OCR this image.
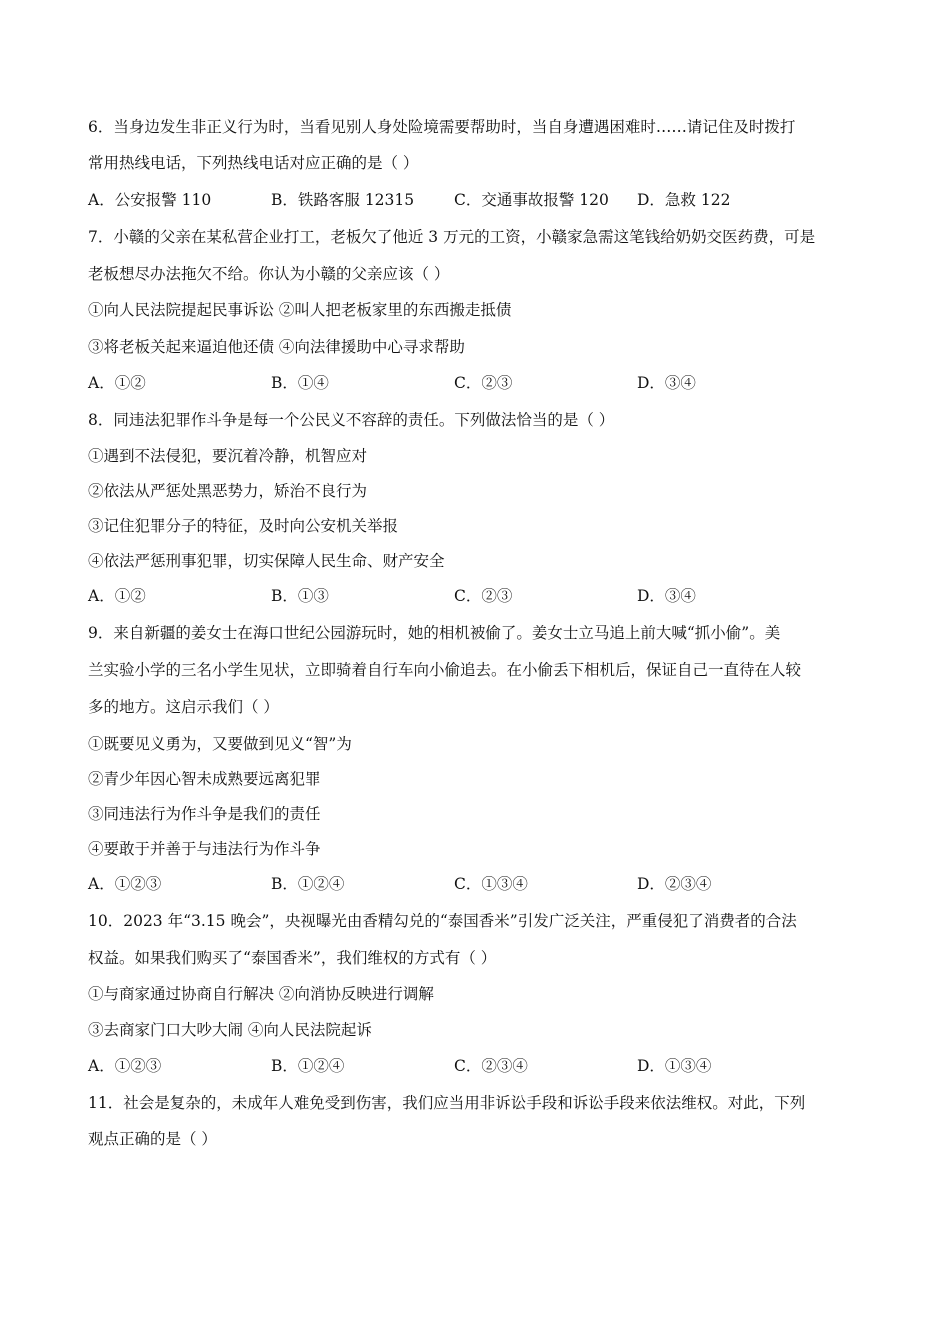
6．当身边发生非正义行为时，当看见别人身处险境需要帮助时，当自身遭遇困难时……请记住及时拨打
常用热线电话，下列热线电话对应正确的是（ ）
A．公安报警 110	B．铁路客服 12315	C．交通事故报警 120 D．急救 122
7．小赣的父亲在某私营企业打工，老板欠了他近 3 万元的工资，小赣家急需这笔钱给奶奶交医药费，可是
老板想尽办法拖欠不给。你认为小赣的父亲应该（ ）
①向人民法院提起民事诉讼 ②叫人把老板家里的东西搬走抵债
③将老板关起来逼迫他还债 ④向法律援助中心寻求帮助
A．①②	B．①④	C．②③	D．③④
8．同违法犯罪作斗争是每一个公民义不容辞的责任。下列做法恰当的是（ ）
①遇到不法侵犯，要沉着冷静，机智应对
②依法从严惩处黑恶势力，矫治不良行为
③记住犯罪分子的特征，及时向公安机关举报
④依法严惩刑事犯罪，切实保障人民生命、财产安全
A．①②	B．①③	C．②③	D．③④
9．来自新疆的姜女士在海口世纪公园游玩时，她的相机被偷了。姜女士立马追上前大喊“抓小偷”。美
兰实验小学的三名小学生见状，立即骑着自行车向小偷追去。在小偷丢下相机后，保证自己一直待在人较
多的地方。这启示我们（ ）
①既要见义勇为，又要做到见义“智”为
②青少年因心智未成熟要远离犯罪
③同违法行为作斗争是我们的责任
④要敢于并善于与违法行为作斗争
A．①②③	B．①②④	C．①③④	D．②③④
10．2023 年“3.15 晚会”，央视曝光由香精勾兑的“泰国香米”引发广泛关注，严重侵犯了消费者的合法
权益。如果我们购买了“泰国香米”，我们维权的方式有（ ）
①与商家通过协商自行解决 ②向消协反映进行调解
③去商家门口大吵大闹 ④向人民法院起诉
A．①②③	B．①②④	C．②③④	D．①③④
11．社会是复杂的，未成年人难免受到伤害，我们应当用非诉讼手段和诉讼手段来依法维权。对此，下列
观点正确的是（ ）
